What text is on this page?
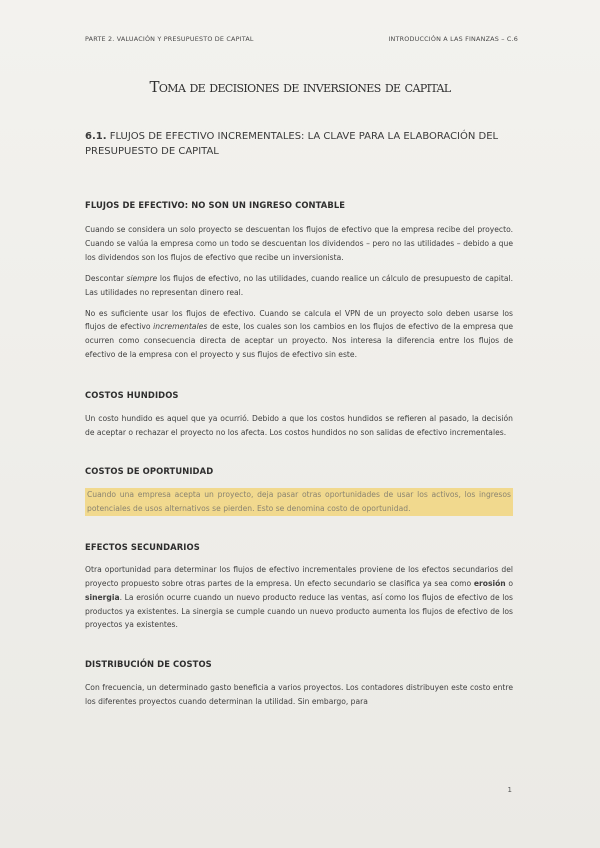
PARTE 2. VALUACIÓN Y PRESUPUESTO DE CAPITAL	INTRODUCCIÓN A LAS FINANZAS – C.6
Toma de decisiones de inversiones de capital
6.1. FLUJOS DE EFECTIVO INCREMENTALES: LA CLAVE PARA LA ELABORACIÓN DEL PRESUPUESTO DE CAPITAL
FLUJOS DE EFECTIVO: NO SON UN INGRESO CONTABLE

Cuando se considera un solo proyecto se descuentan los flujos de efectivo que la empresa recibe del proyecto. Cuando se valúa la empresa como un todo se descuentan los dividendos – pero no las utilidades – debido a que los dividendos son los flujos de efectivo que recibe un inversionista.

Descontar siempre los flujos de efectivo, no las utilidades, cuando realice un cálculo de presupuesto de capital. Las utilidades no representan dinero real.

No es suficiente usar los flujos de efectivo. Cuando se calcula el VPN de un proyecto solo deben usarse los flujos de efectivo incrementales de este, los cuales son los cambios en los flujos de efectivo de la empresa que ocurren como consecuencia directa de aceptar un proyecto. Nos interesa la diferencia entre los flujos de efectivo de la empresa con el proyecto y sus flujos de efectivo sin este.

COSTOS HUNDIDOS

Un costo hundido es aquel que ya ocurrió. Debido a que los costos hundidos se refieren al pasado, la decisión de aceptar o rechazar el proyecto no los afecta. Los costos hundidos no son salidas de efectivo incrementales.

COSTOS DE OPORTUNIDAD

Cuando una empresa acepta un proyecto, deja pasar otras oportunidades de usar los activos, los ingresos potenciales de usos alternativos se pierden. Esto se denomina costo de oportunidad.

EFECTOS SECUNDARIOS

Otra oportunidad para determinar los flujos de efectivo incrementales proviene de los efectos secundarios del proyecto propuesto sobre otras partes de la empresa. Un efecto secundario se clasifica ya sea como erosión o sinergia. La erosión ocurre cuando un nuevo producto reduce las ventas, así como los flujos de efectivo de los productos ya existentes. La sinergia se cumple cuando un nuevo producto aumenta los flujos de efectivo de los proyectos ya existentes.

DISTRIBUCIÓN DE COSTOS

Con frecuencia, un determinado gasto beneficia a varios proyectos. Los contadores distribuyen este costo entre los diferentes proyectos cuando determinan la utilidad. Sin embargo, para

1
